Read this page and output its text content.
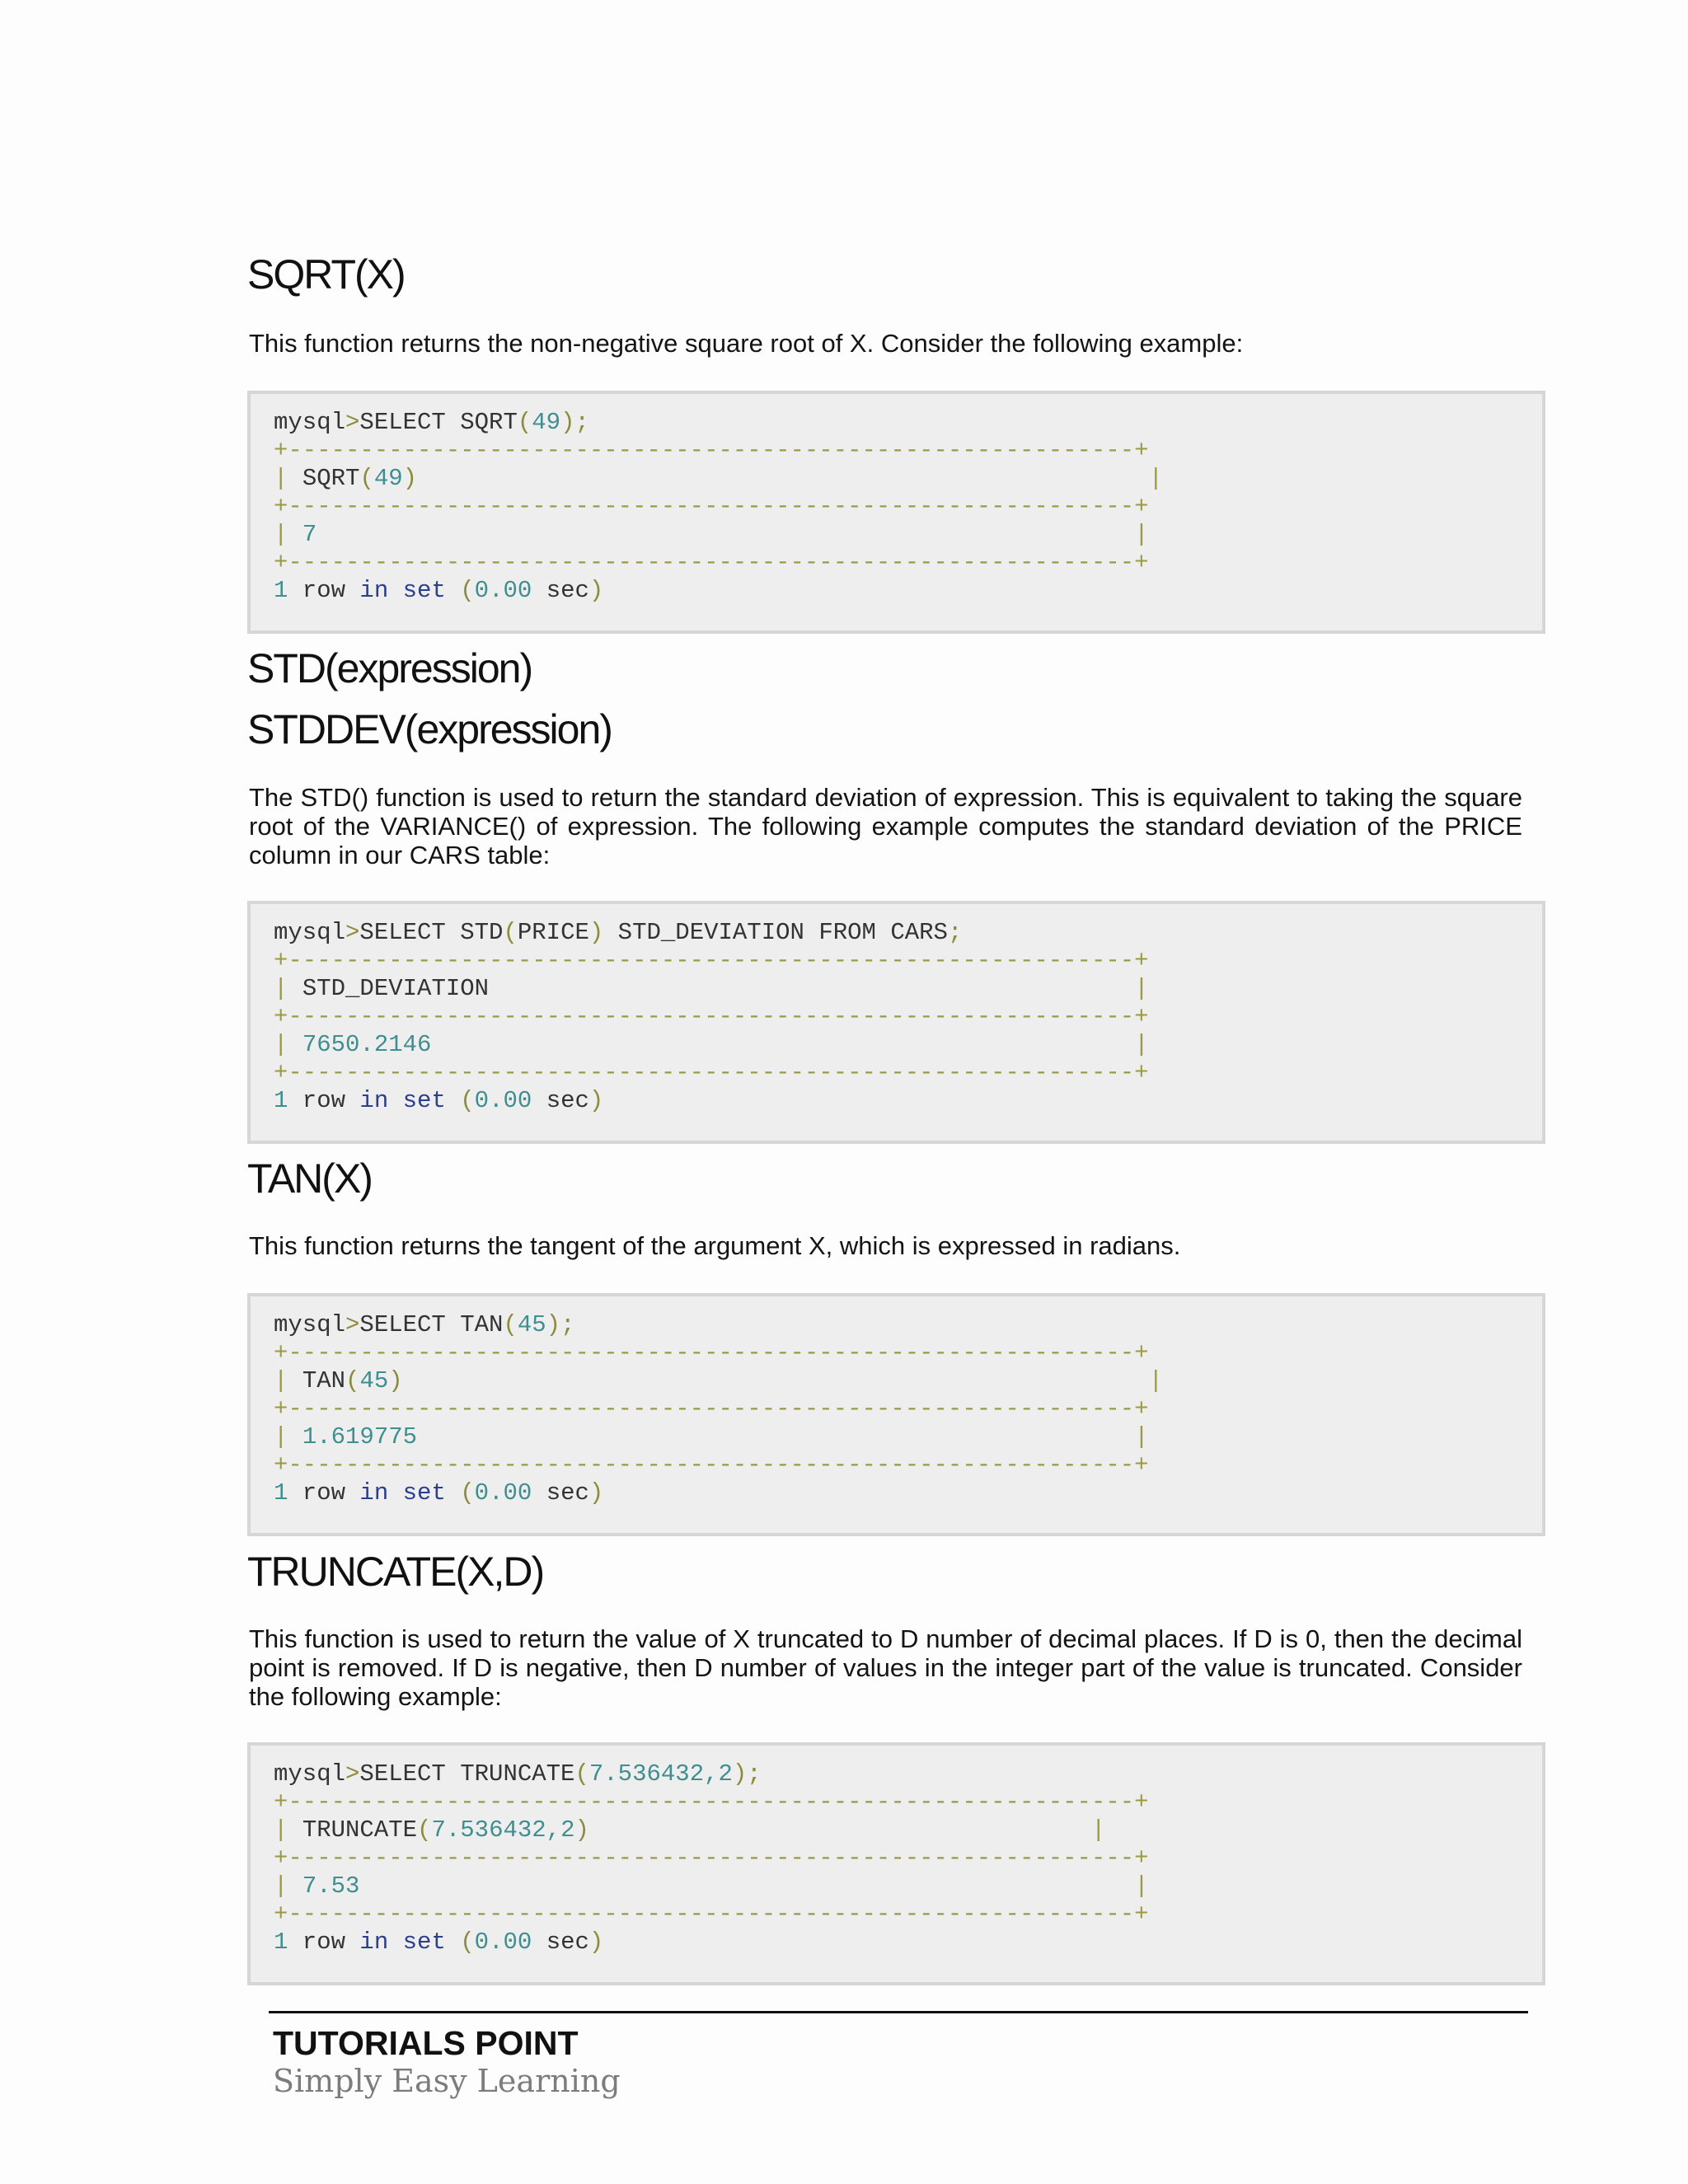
SQRT(X)

This function returns the non-negative square root of X. Consider the following example:

mysql>SELECT SQRT(49);
+-----------------------------------------------------------+
| SQRT(49)	|
+-----------------------------------------------------------+
| 7	|
+-----------------------------------------------------------+
1 row in set (0.00 sec)
STD(expression)
STDDEV(expression)

The STD() function is used to return the standard deviation of expression. This is equivalent to taking the square root of the VARIANCE() of expression. The following example computes the standard deviation of the PRICE column in our CARS table:

mysql>SELECT STD(PRICE) STD_DEVIATION FROM CARS;
+-----------------------------------------------------------+
| STD_DEVIATION	|
+-----------------------------------------------------------+
| 7650.2146	|
+-----------------------------------------------------------+
1 row in set (0.00 sec)
TAN(X)

This function returns the tangent of the argument X, which is expressed in radians.

mysql>SELECT TAN(45);
+-----------------------------------------------------------+
| TAN(45)	|
+-----------------------------------------------------------+
| 1.619775	|
+-----------------------------------------------------------+
1 row in set (0.00 sec)
TRUNCATE(X,D)

This function is used to return the value of X truncated to D number of decimal places. If D is 0, then the decimal point is removed. If D is negative, then D number of values in the integer part of the value is truncated. Consider the following example:

mysql>SELECT TRUNCATE(7.536432,2);
+-----------------------------------------------------------+
| TRUNCATE(7.536432,2)	|
+-----------------------------------------------------------+
| 7.53	|
+-----------------------------------------------------------+
1 row in set (0.00 sec)

TUTORIALS POINT

Simply Easy Learning
